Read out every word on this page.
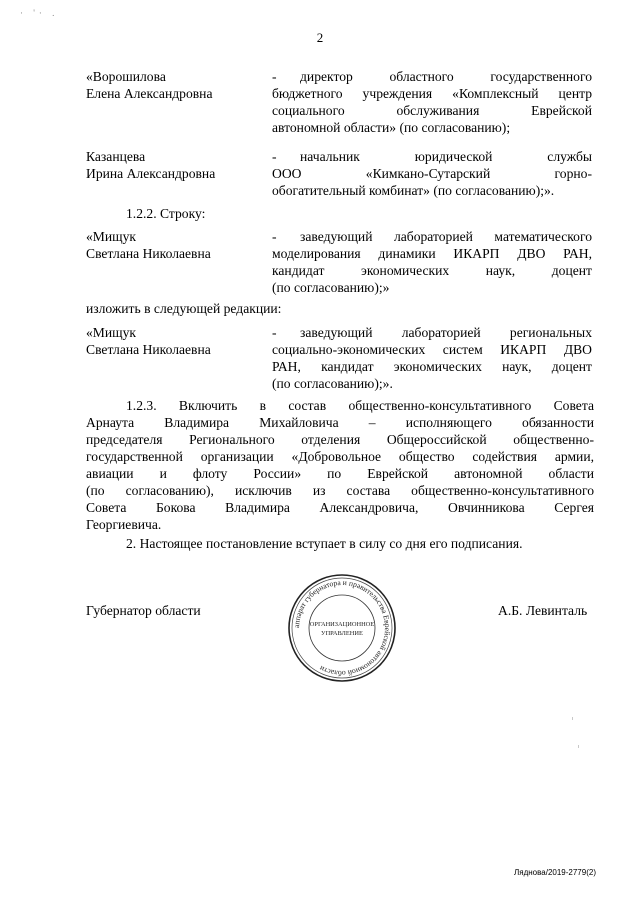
· '· .
2
«Ворошилова
Елена Александровна
-	директор областного государственного
бюджетного учреждения «Комплексный центр
социального обслуживания Еврейской
автономной области» (по согласованию);
Казанцева
Ирина Александровна
-	начальник юридической службы
ООО «Кимкано-Сутарский горно-
обогатительный комбинат» (по согласованию);».
1.2.2. Строку:
«Мищук
Светлана Николаевна
-	заведующий лабораторией математического
моделирования динамики ИКАРП ДВО РАН,
кандидат экономических наук, доцент
(по согласованию);»
изложить в следующей редакции:
«Мищук
Светлана Николаевна
-	заведующий лабораторией региональных
социально-экономических систем ИКАРП ДВО
РАН, кандидат экономических наук, доцент
(по согласованию);».
1.2.3. Включить в состав общественно-консультативного Совета
Арнаута Владимира Михайловича – исполняющего обязанности
председателя Регионального отделения Общероссийской общественно-
государственной организации «Добровольное общество содействия армии,
авиации и флоту России» по Еврейской автономной области
(по согласованию), исключив из состава общественно-консультативного
Совета Бокова Владимира Александровича, Овчинникова Сергея
Георгиевича.
2. Настоящее постановление вступает в силу со дня его подписания.
Губернатор области	А.Б. Левинталь
аппарат губернатора и правительства Еврейской автономной области
ОРГАНИЗАЦИОННОЕ
УПРАВЛЕНИЕ
Ляднова/2019-2779(2)
